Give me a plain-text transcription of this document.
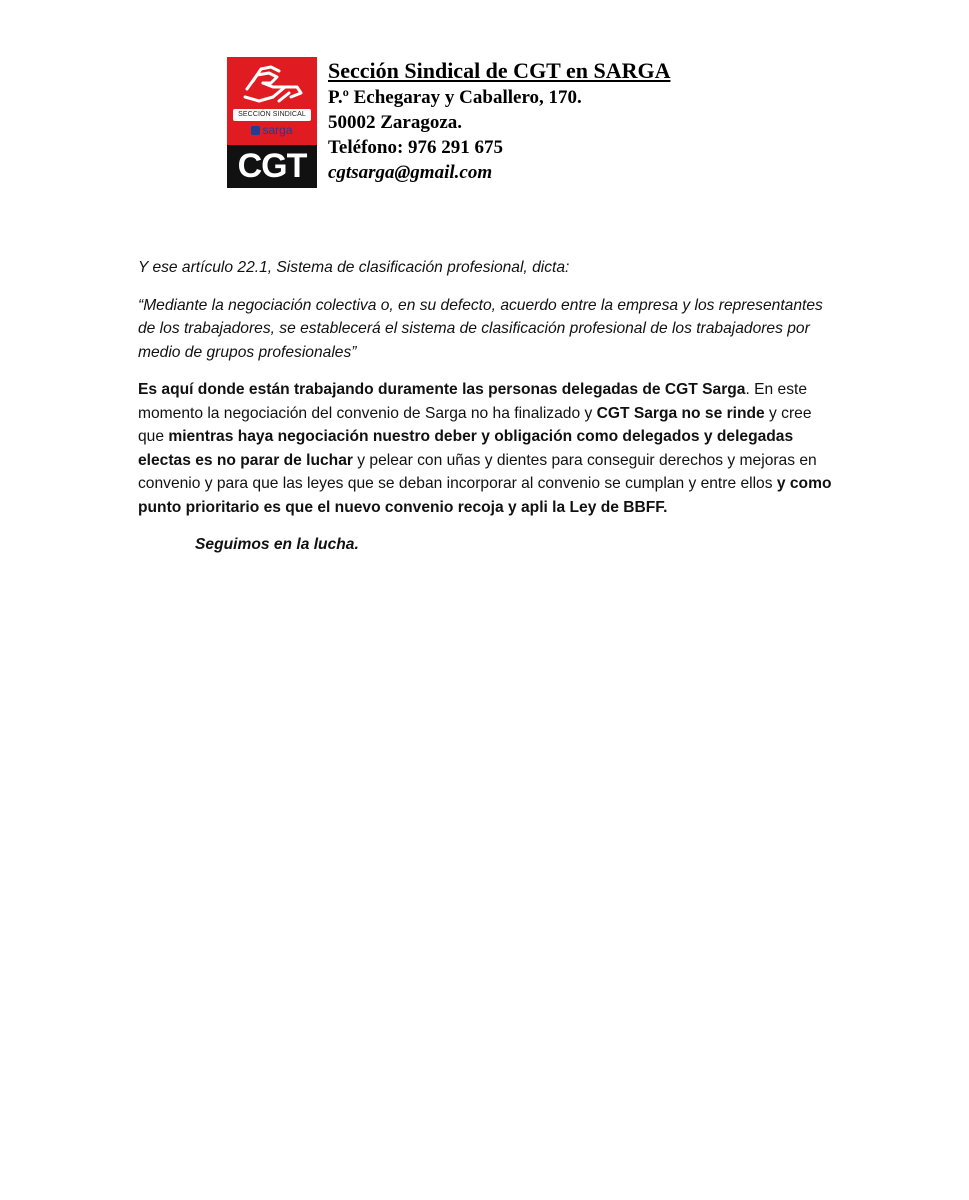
SECCIÓN SINDICAL
sarga
CGT
Sección Sindical de CGT en SARGA
P.º Echegaray y Caballero, 170.
50002 Zaragoza.
Teléfono: 976 291 675
cgtsarga@gmail.com

Y ese artículo 22.1, Sistema de clasificación profesional, dicta:

“Mediante la negociación colectiva o, en su defecto, acuerdo entre la empresa y los representantes de los trabajadores, se establecerá el sistema de clasificación profesional de los trabajadores por medio de grupos profesionales”

Es aquí donde están trabajando duramente las personas delegadas de CGT Sarga. En este momento la negociación del convenio de Sarga no ha finalizado y CGT Sarga no se rinde y cree que mientras haya negociación nuestro deber y obligación como delegados y delegadas electas es no parar de luchar y pelear con uñas y dientes para conseguir derechos y mejoras en convenio y para que las leyes que se deban incorporar al convenio se cumplan y entre ellos y como punto prioritario es que el nuevo convenio recoja y apli la Ley de BBFF.

Seguimos en la lucha.
